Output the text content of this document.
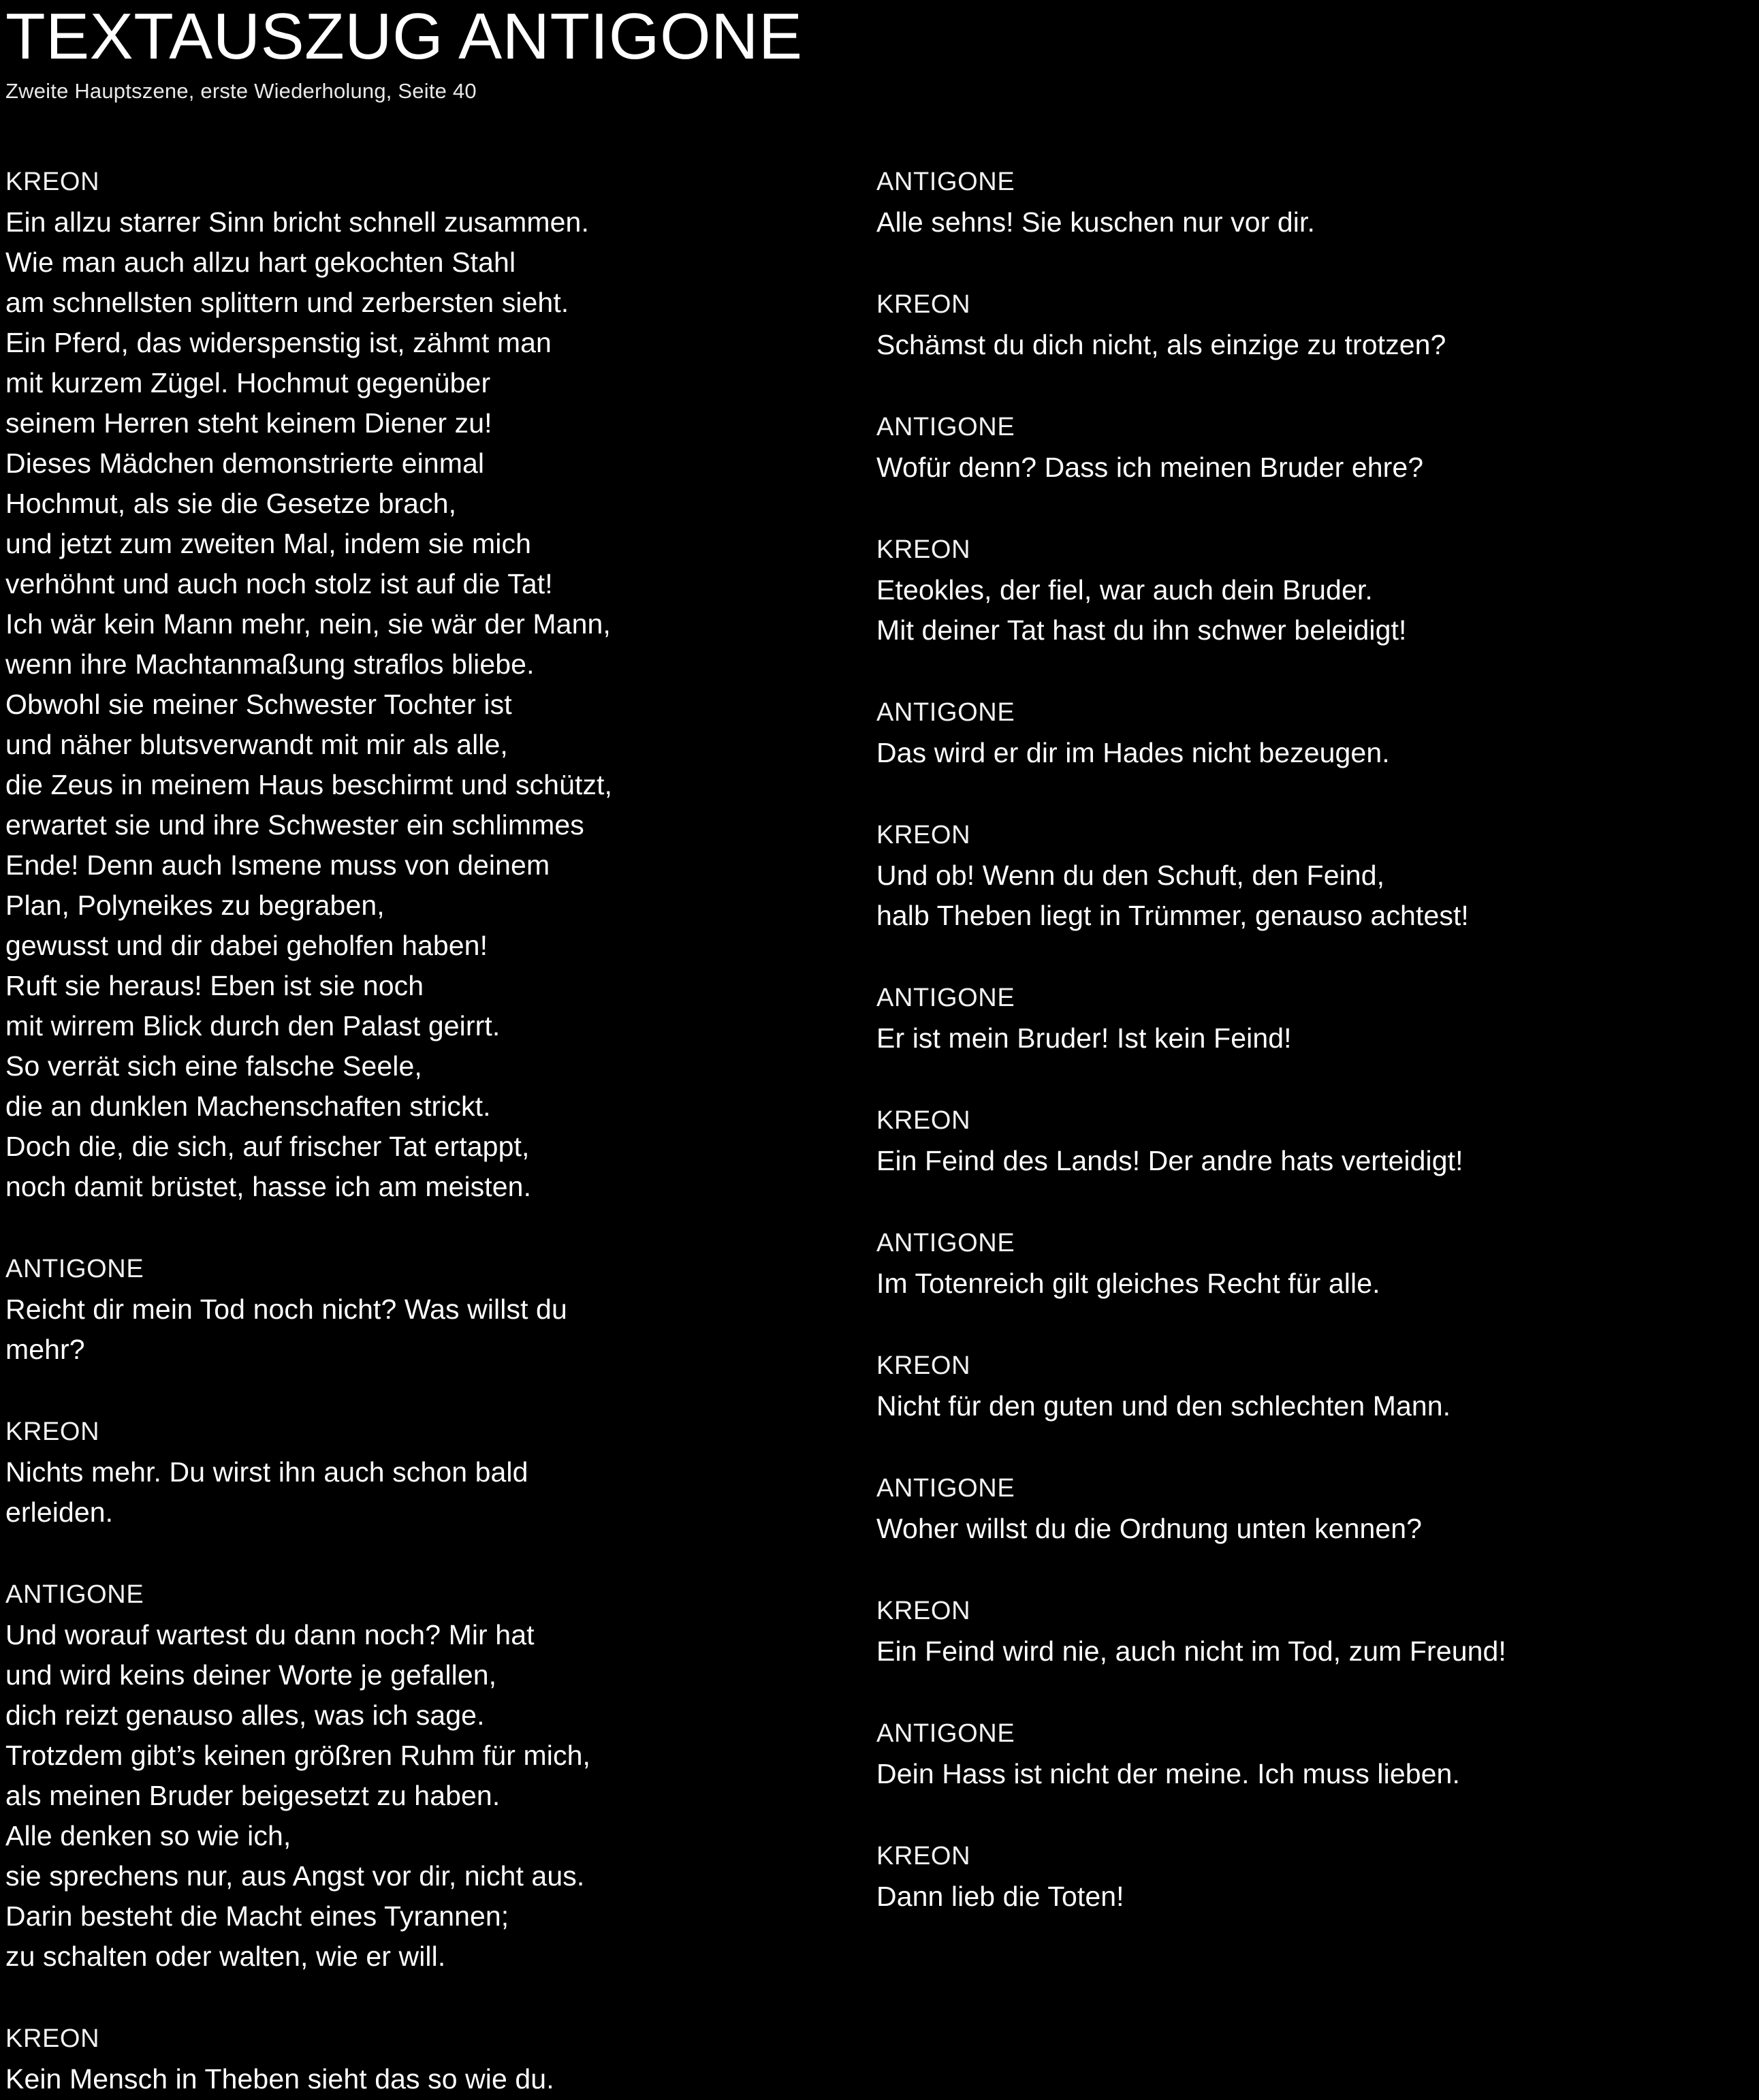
TEXTAUSZUG ANTIGONE
Zweite Hauptszene, erste Wiederholung, Seite 40
KREON
Ein allzu starrer Sinn bricht schnell zusammen.
Wie man auch allzu hart gekochten Stahl
am schnellsten splittern und zerbersten sieht.
Ein Pferd, das widerspenstig ist, zähmt man
mit kurzem Zügel. Hochmut gegenüber
seinem Herren steht keinem Diener zu!
Dieses Mädchen demonstrierte einmal
Hochmut, als sie die Gesetze brach,
und jetzt zum zweiten Mal, indem sie mich
verhöhnt und auch noch stolz ist auf die Tat!
Ich wär kein Mann mehr, nein, sie wär der Mann,
wenn ihre Machtanmaßung straflos bliebe.
Obwohl sie meiner Schwester Tochter ist
und näher blutsverwandt mit mir als alle,
die Zeus in meinem Haus beschirmt und schützt,
erwartet sie und ihre Schwester ein schlimmes
Ende! Denn auch Ismene muss von deinem
Plan, Polyneikes zu begraben,
gewusst und dir dabei geholfen haben!
Ruft sie heraus! Eben ist sie noch
mit wirrem Blick durch den Palast geirrt.
So verrät sich eine falsche Seele,
die an dunklen Machenschaften strickt.
Doch die, die sich, auf frischer Tat ertappt,
noch damit brüstet, hasse ich am meisten.
ANTIGONE
Reicht dir mein Tod noch nicht? Was willst du
mehr?
KREON
Nichts mehr. Du wirst ihn auch schon bald
erleiden.
ANTIGONE
Und worauf wartest du dann noch? Mir hat
und wird keins deiner Worte je gefallen,
dich reizt genauso alles, was ich sage.
Trotzdem gibt’s keinen größren Ruhm für mich,
als meinen Bruder beigesetzt zu haben.
Alle denken so wie ich,
sie sprechens nur, aus Angst vor dir, nicht aus.
Darin besteht die Macht eines Tyrannen;
zu schalten oder walten, wie er will.
KREON
Kein Mensch in Theben sieht das so wie du.
ANTIGONE
Alle sehns! Sie kuschen nur vor dir.
KREON
Schämst du dich nicht, als einzige zu trotzen?
ANTIGONE
Wofür denn? Dass ich meinen Bruder ehre?
KREON
Eteokles, der fiel, war auch dein Bruder.
Mit deiner Tat hast du ihn schwer beleidigt!
ANTIGONE
Das wird er dir im Hades nicht bezeugen.
KREON
Und ob! Wenn du den Schuft, den Feind,
halb Theben liegt in Trümmer, genauso achtest!
ANTIGONE
Er ist mein Bruder! Ist kein Feind!
KREON
Ein Feind des Lands! Der andre hats verteidigt!
ANTIGONE
Im Totenreich gilt gleiches Recht für alle.
KREON
Nicht für den guten und den schlechten Mann.
ANTIGONE
Woher willst du die Ordnung unten kennen?
KREON
Ein Feind wird nie, auch nicht im Tod, zum Freund!
ANTIGONE
Dein Hass ist nicht der meine. Ich muss lieben.
KREON
Dann lieb die Toten!
